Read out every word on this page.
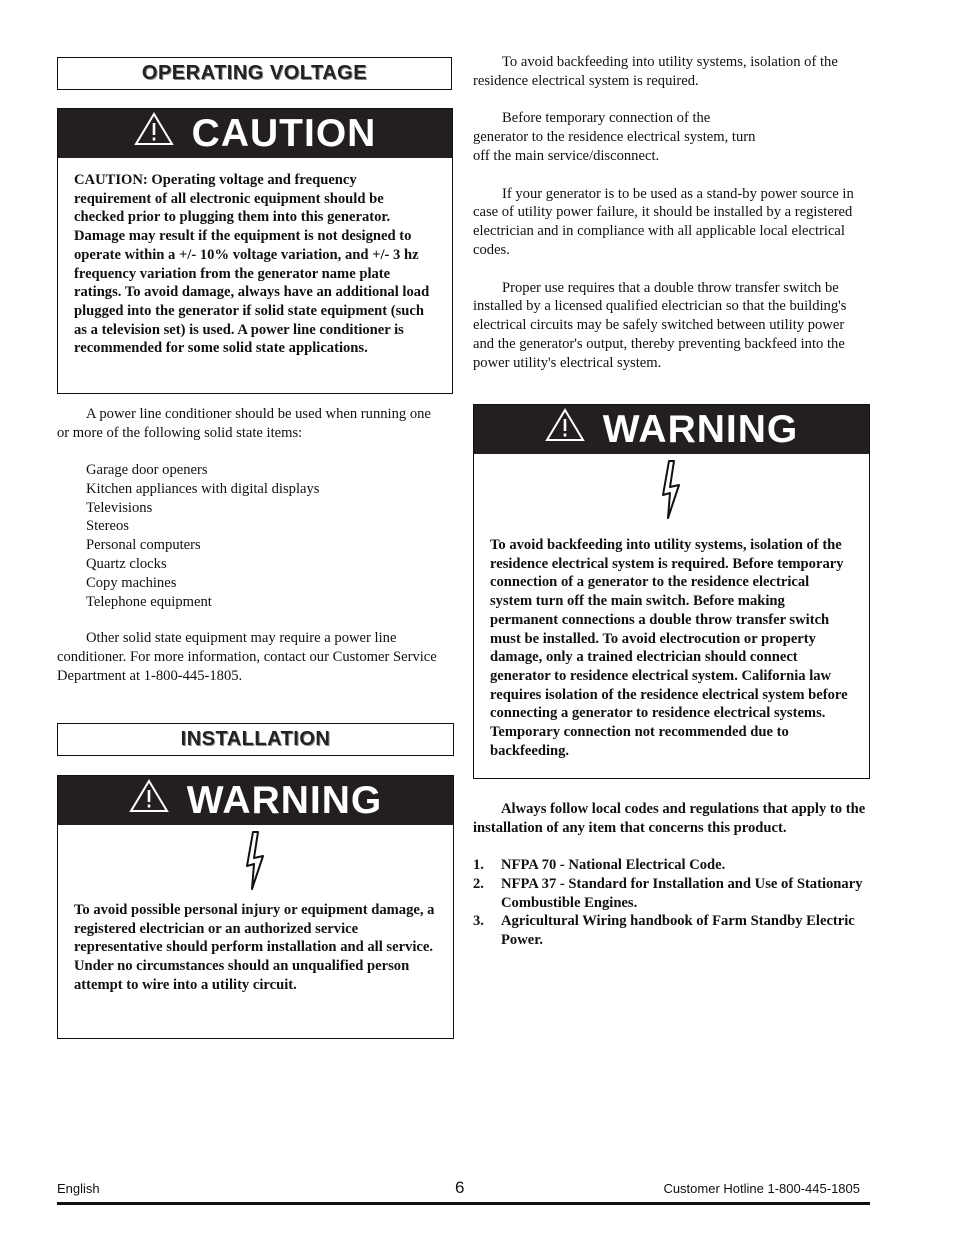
OPERATING VOLTAGE
CAUTION
CAUTION: Operating voltage and frequency requirement of all electronic equipment should be checked prior to plugging them into this generator. Damage may result if the equipment is not designed to operate within a +/- 10% voltage variation, and +/- 3 hz frequency variation from the generator name plate ratings. To avoid damage, always have an additional load plugged into the generator if solid state equipment (such as a television set) is used. A power line conditioner is recommended for some solid state applications.
A power line conditioner should be used when running one or more of the following solid state items:
Garage door openers
Kitchen appliances with digital displays
Televisions
Stereos
Personal computers
Quartz clocks
Copy machines
Telephone equipment
Other solid state equipment may require a power line conditioner. For more information, contact our Customer Service Department at 1-800-445-1805.
INSTALLATION
WARNING
To avoid possible personal injury or equipment damage, a registered electrician or an authorized service representative should perform installation and all service. Under no circumstances should an unqualified person attempt to wire into a utility circuit.
To avoid backfeeding into utility systems, isolation of the residence electrical system is required.
Before temporary connection of the generator to the residence electrical system, turn off the main service/disconnect.
If your generator is to be used as a stand-by power source in case of utility power failure, it should be installed by a registered electrician and in compliance with all applicable local electrical codes.
Proper use requires that a double throw transfer switch be installed by a licensed qualified electrician so that the building's electrical circuits may be safely switched between utility power and the generator's output, thereby preventing backfeed into the power utility's electrical system.
WARNING
To avoid backfeeding into utility systems, isolation of the residence electrical system is required. Before temporary connection of a generator to the residence electrical system turn off the main switch. Before making permanent connections a double throw transfer switch must be installed. To avoid electrocution or property damage, only a trained electrician should connect generator to residence electrical system. California law requires isolation of the residence electrical system before connecting a generator to residence electrical systems. Temporary connection not recommended due to backfeeding.
Always follow local codes and regulations that apply to the installation of any item that concerns this product.
1.	NFPA 70 - National Electrical Code.
2.	NFPA 37 - Standard for Installation and Use of Stationary Combustible Engines.
3.	Agricultural Wiring handbook of Farm Standby Electric Power.
English	6	Customer Hotline 1-800-445-1805
